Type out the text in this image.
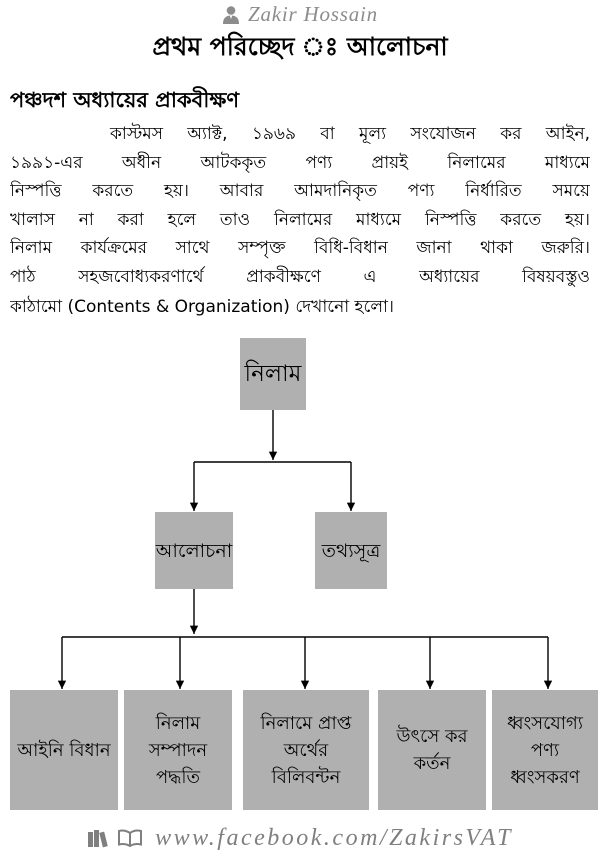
Zakir Hossain
প্রথম পরিচ্ছেদ ঃ আলোচনা
পঞ্চদশ অধ্যায়ের প্রাকবীক্ষণ
কাস্টমস অ্যাক্ট, ১৯৬৯ বা মূল্য সংযোজন কর আইন,
১৯৯১-এর অধীন আটককৃত পণ্য প্রায়ই নিলামের মাধ্যমে
নিস্পত্তি করতে হয়। আবার আমদানিকৃত পণ্য নির্ধারিত সময়ে
খালাস না করা হলে তাও নিলামের মাধ্যমে নিস্পত্তি করতে হয়।
নিলাম কার্যক্রমের সাথে সম্পৃক্ত বিধি-বিধান জানা থাকা জরুরি।
পাঠ সহজবোধ্যকরণার্থে প্রাকবীক্ষণে এ অধ্যায়ের বিষয়বস্তুও
কাঠামো (Contents & Organization) দেখানো হলো।
নিলাম
আলোচনা	তথ্যসূত্র
আইনি বিধান
নিলাম সম্পাদন পদ্ধতি
নিলামে প্রাপ্ত অর্থের বিলিবন্টন
উৎসে কর কর্তন
ধ্বংসযোগ্য পণ্য ধ্বংসকরণ
www.facebook.com/ZakirsVAT
